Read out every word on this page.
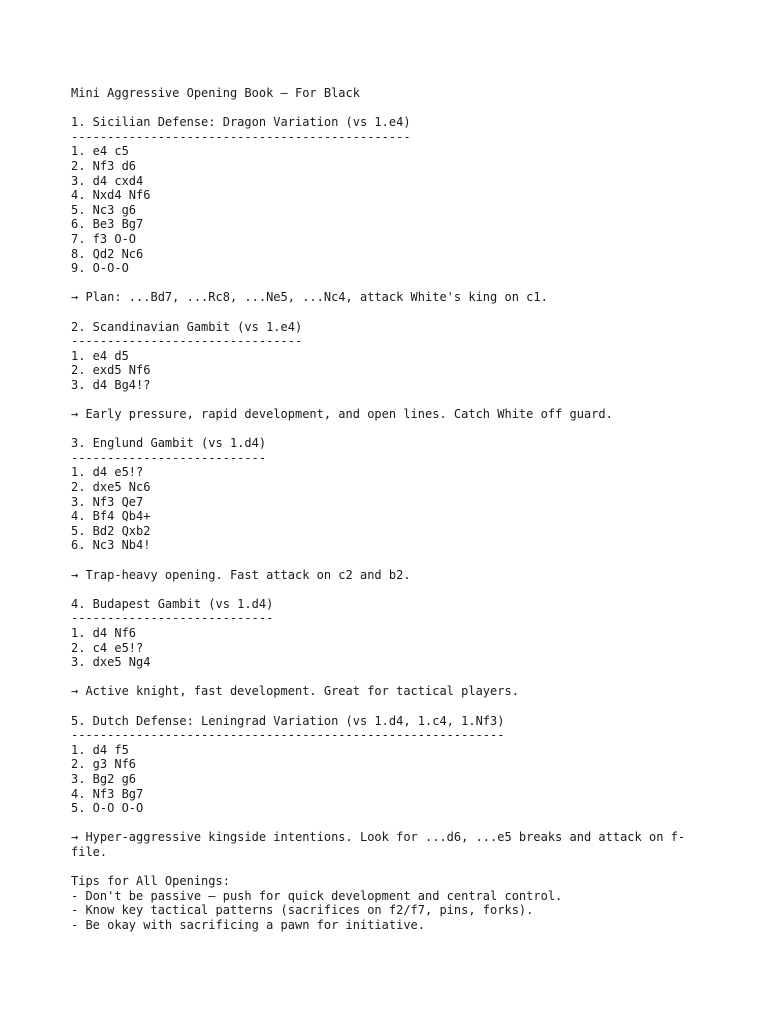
Mini Aggressive Opening Book – For Black
1. Sicilian Defense: Dragon Variation (vs 1.e4)
-----------------------------------------------
1. e4 c5
2. Nf3 d6
3. d4 cxd4
4. Nxd4 Nf6
5. Nc3 g6
6. Be3 Bg7
7. f3 O-O
8. Qd2 Nc6
9. O-O-O
→ Plan: ...Bd7, ...Rc8, ...Ne5, ...Nc4, attack White's king on c1.
2. Scandinavian Gambit (vs 1.e4)
--------------------------------
1. e4 d5
2. exd5 Nf6
3. d4 Bg4!?
→ Early pressure, rapid development, and open lines. Catch White off guard.
3. Englund Gambit (vs 1.d4)
---------------------------
1. d4 e5!?
2. dxe5 Nc6
3. Nf3 Qe7
4. Bf4 Qb4+
5. Bd2 Qxb2
6. Nc3 Nb4!
→ Trap-heavy opening. Fast attack on c2 and b2.
4. Budapest Gambit (vs 1.d4)
----------------------------
1. d4 Nf6
2. c4 e5!?
3. dxe5 Ng4
→ Active knight, fast development. Great for tactical players.
5. Dutch Defense: Leningrad Variation (vs 1.d4, 1.c4, 1.Nf3)
------------------------------------------------------------
1. d4 f5
2. g3 Nf6
3. Bg2 g6
4. Nf3 Bg7
5. O-O O-O
→ Hyper-aggressive kingside intentions. Look for ...d6, ...e5 breaks and attack on f-file.
Tips for All Openings:
- Don't be passive – push for quick development and central control.
- Know key tactical patterns (sacrifices on f2/f7, pins, forks).
- Be okay with sacrificing a pawn for initiative.
